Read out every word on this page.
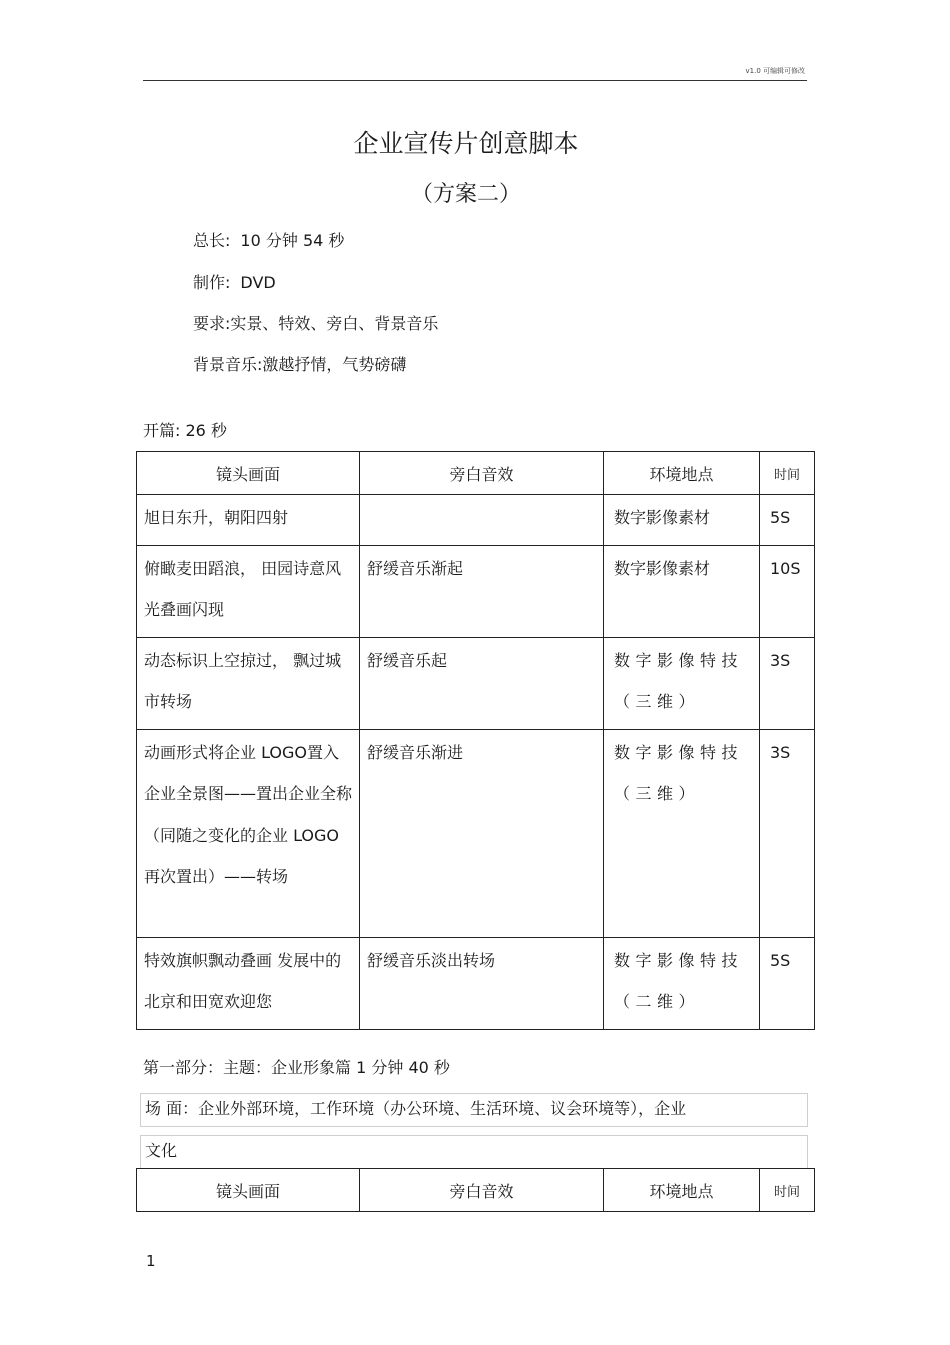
v1.0 可编辑可修改
企业宣传片创意脚本
（方案二）
总长: 10 分钟 54 秒
制作: DVD
要求:实景、特效、旁白、背景音乐
背景音乐:激越抒情，气势磅礴
开篇: 26 秒
镜头画面	旁白音效	环境地点	时间

旭日东升，朝阳四射		数字影像素材	5S

俯瞰麦田蹈浪， 田园诗意风光叠画闪现	舒缓音乐渐起	数字影像素材	10S

动态标识上空掠过， 飘过城市转场	舒缓音乐起	数字影像特技（三维）	3S

动画形式将企业 LOGO置入企业全景图——置出企业全称（同随之变化的企业 LOGO再次置出）——转场	舒缓音乐渐进	数字影像特技（三维）	3S

特效旗帜飘动叠画 发展中的北京和田宽欢迎您	舒缓音乐淡出转场	数字影像特技（二维）	5S
第一部分：主题：企业形象篇 1 分钟 40 秒
场 面：企业外部环境，工作环境（办公环境、生活环境、议会环境等），企业
文化
镜头画面	旁白音效	环境地点	时间
1
